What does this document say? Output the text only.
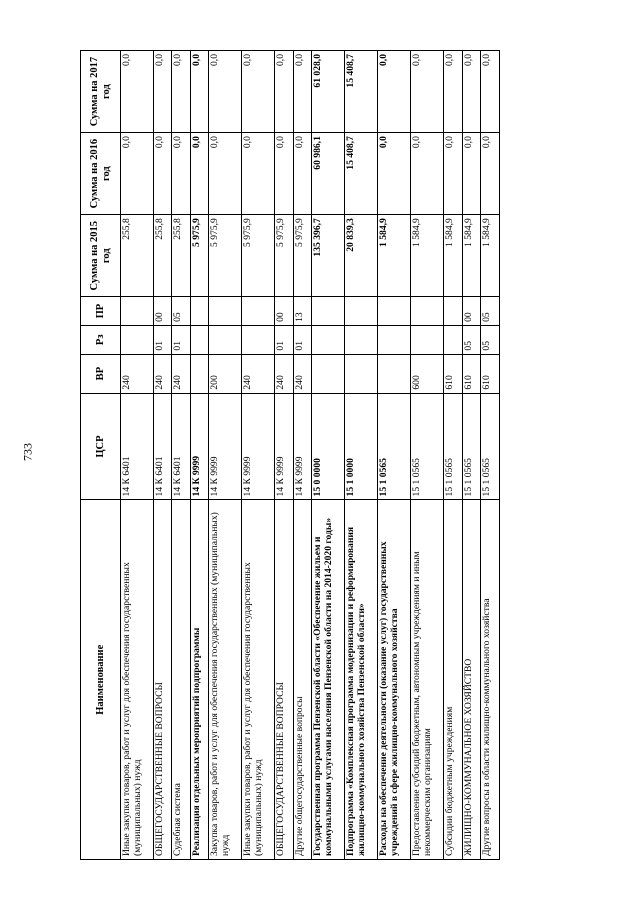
733
Наименование	ЦСР	ВР	Рз	ПР	Сумма на 2015 год	Сумма на 2016 год	Сумма на 2017 год
Иные закупки товаров, работ и услуг для обеспечения государственных (муниципальных) нужд	14 К 6401	240			255,8	0,0	0,0
ОБЩЕГОСУДАРСТВЕННЫЕ ВОПРОСЫ	14 К 6401	240	01	00	255,8	0,0	0,0
Судебная система	14 К 6401	240	01	05	255,8	0,0	0,0
Реализация отдельных мероприятий подпрограммы	14 К 9999				5 975,9	0,0	0,0
Закупка товаров, работ и услуг для обеспечения государственных (муниципальных) нужд	14 К 9999	200			5 975,9	0,0	0,0
Иные закупки товаров, работ и услуг для обеспечения государственных (муниципальных) нужд	14 К 9999	240			5 975,9	0,0	0,0
ОБЩЕГОСУДАРСТВЕННЫЕ ВОПРОСЫ	14 К 9999	240	01	00	5 975,9	0,0	0,0
Другие общегосударственные вопросы	14 К 9999	240	01	13	5 975,9	0,0	0,0
Государственная программа Пензенской области «Обеспечение жильем и коммунальными услугами населения Пензенской области на 2014-2020 годы»	15 0 0000				135 396,7	60 986,1	61 028,0
Подпрограмма «Комплексная программа модернизации и реформирования жилищно-коммунального хозяйства Пензенской области»	15 1 0000				20 839,3	15 408,7	15 408,7
Расходы на обеспечение деятельности (оказание услуг) государственных учреждений в сфере жилищно-коммунального хозяйства	15 1 0565				1 584,9	0,0	0,0
Предоставление субсидий бюджетным, автономным учреждениям и иным некоммерческим организациям	15 1 0565	600			1 584,9	0,0	0,0
Субсидии бюджетным учреждениям	15 1 0565	610			1 584,9	0,0	0,0
ЖИЛИЩНО-КОММУНАЛЬНОЕ ХОЗЯЙСТВО	15 1 0565	610	05	00	1 584,9	0,0	0,0
Другие вопросы в области жилищно-коммунального хозяйства	15 1 0565	610	05	05	1 584,9	0,0	0,0
